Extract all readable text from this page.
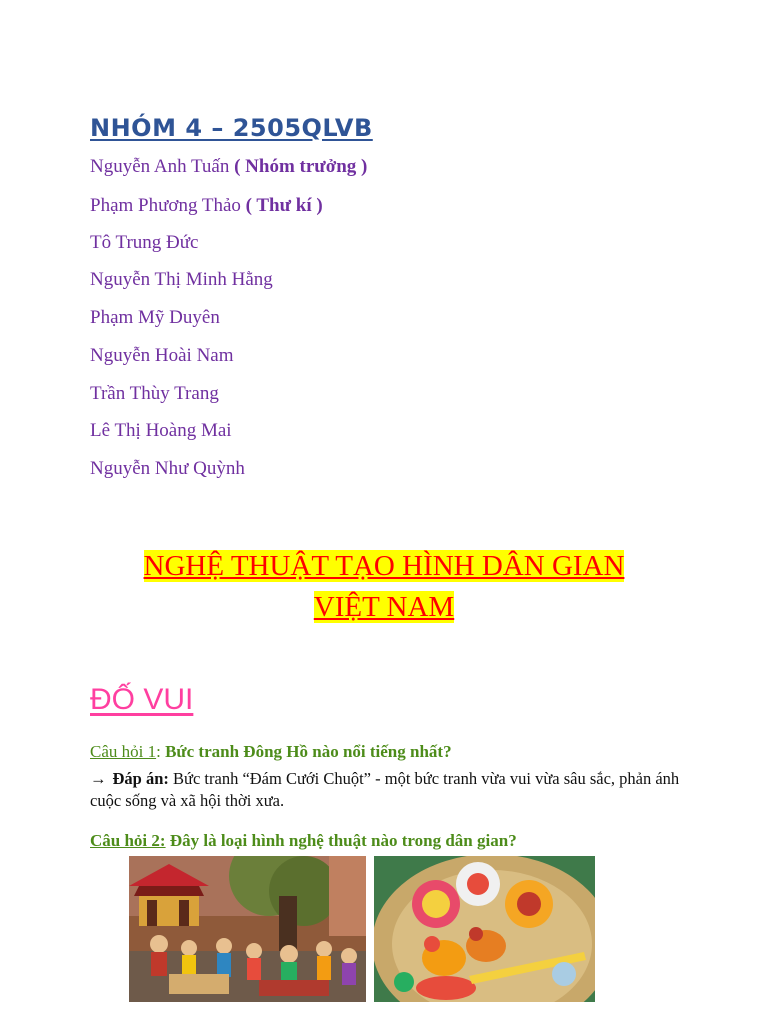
NHÓM 4 – 2505QLVB
Nguyễn Anh Tuấn ( Nhóm trưởng )
Phạm Phương Thảo ( Thư kí )
Tô Trung Đức
Nguyễn Thị Minh Hằng
Phạm Mỹ Duyên
Nguyễn Hoài Nam
Trần Thùy Trang
Lê Thị Hoàng Mai
Nguyễn Như Quỳnh
NGHỆ THUẬT TẠO HÌNH DÂN GIAN
VIỆT NAM
ĐỐ VUI
Câu hỏi 1: Bức tranh Đông Hồ nào nổi tiếng nhất?
→ Đáp án: Bức tranh “Đám Cưới Chuột” - một bức tranh vừa vui vừa sâu sắc, phản ánh cuộc sống và xã hội thời xưa.
Câu hỏi 2: Đây là loại hình nghệ thuật nào trong dân gian?
